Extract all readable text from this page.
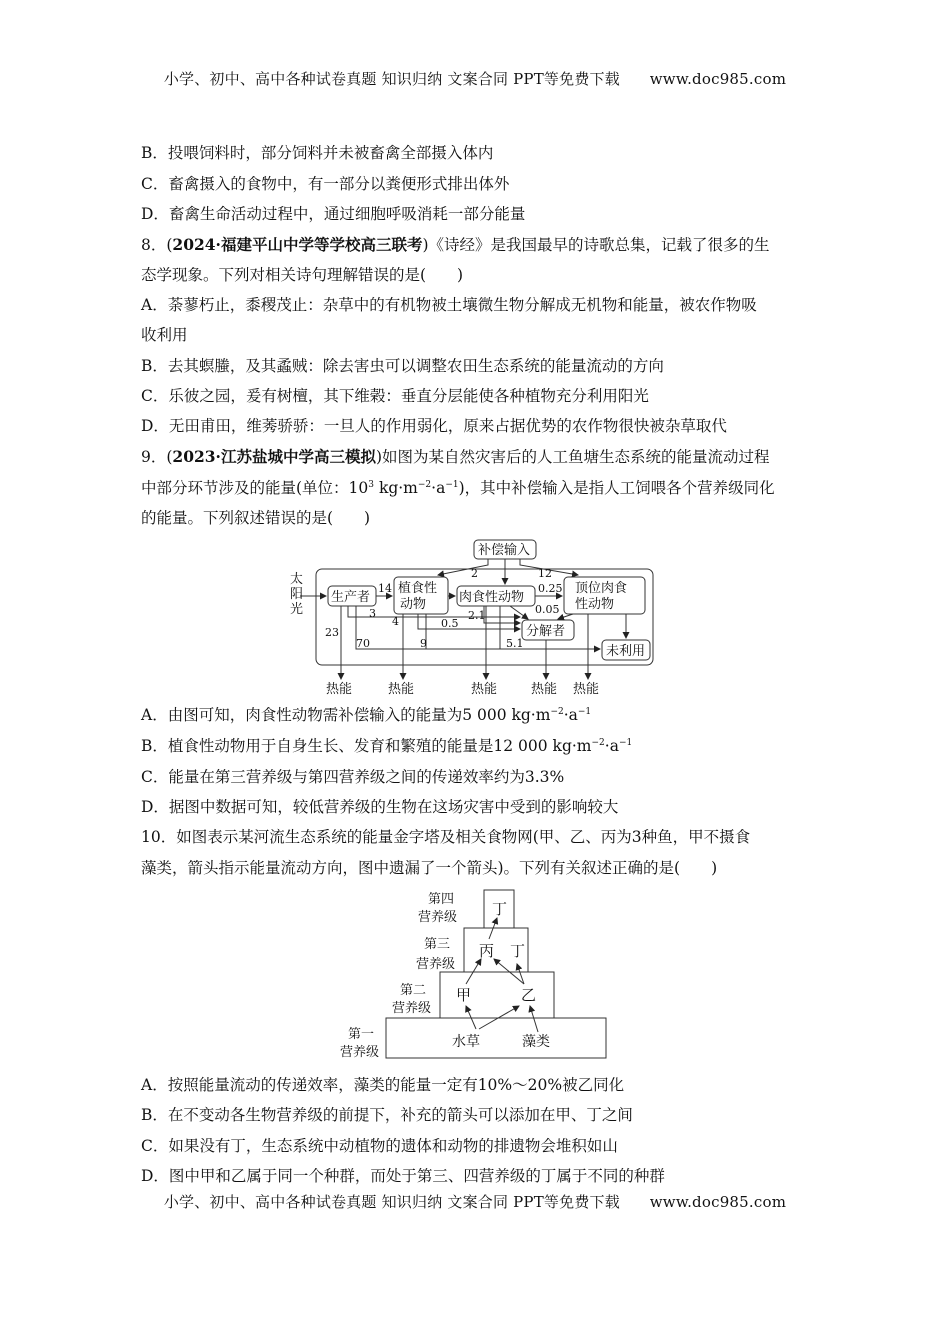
小学、初中、高中各种试卷真题 知识归纳 文案合同 PPT等免费下载 www.doc985.com
B．投喂饲料时，部分饲料并未被畜禽全部摄入体内
C．畜禽摄入的食物中，有一部分以粪便形式排出体外
D．畜禽生命活动过程中，通过细胞呼吸消耗一部分能量
8．(2024·福建平山中学等学校高三联考)《诗经》是我国最早的诗歌总集，记载了很多的生
态学现象。下列对相关诗句理解错误的是(　　)
A．荼蓼朽止，黍稷茂止：杂草中的有机物被土壤微生物分解成无机物和能量，被农作物吸
收利用
B．去其螟螣，及其蟊贼：除去害虫可以调整农田生态系统的能量流动的方向
C．乐彼之园，爰有树檀，其下维榖：垂直分层能使各种植物充分利用阳光
D．无田甫田，维莠骄骄：一旦人的作用弱化，原来占据优势的农作物很快被杂草取代
9．(2023·江苏盐城中学高三模拟)如图为某自然灾害后的人工鱼塘生态系统的能量流动过程
中部分环节涉及的能量(单位：$10^3$ $kg\cdot m^{-2}\cdot a^{-1}$)，其中补偿输入是指人工饲喂各个营养级同化
的能量。下列叙述错误的是(　　)
太
阳
光
补偿输入
生产者
植食性
动物	肉食性动物
顶位肉食
性动物
分解者
未利用
14
2	12
0.25
0.05
2.1
3
4	0.5
23
70	9	5.1
热能	热能	热能	热能 热能
A．由图可知，肉食性动物需补偿输入的能量为5 000 $kg\cdot m^{-2}\cdot a^{-1}$
B．植食性动物用于自身生长、发育和繁殖的能量是12 000 $kg\cdot m^{-2}\cdot a^{-1}$
C．能量在第三营养级与第四营养级之间的传递效率约为3.3%
D．据图中数据可知，较低营养级的生物在这场灾害中受到的影响较大
10．如图表示某河流生态系统的能量金字塔及相关食物网(甲、乙、丙为3种鱼，甲不摄食
藻类，箭头指示能量流动方向，图中遗漏了一个箭头)。下列有关叙述正确的是(　　)
第四
营养级
第三
营养级
第二
营养级
第一
营养级
丁
丙 丁
甲	乙
水草	藻类
A．按照能量流动的传递效率，藻类的能量一定有10%～20%被乙同化
B．在不变动各生物营养级的前提下，补充的箭头可以添加在甲、丁之间
C．如果没有丁，生态系统中动植物的遗体和动物的排遗物会堆积如山
D．图中甲和乙属于同一个种群，而处于第三、四营养级的丁属于不同的种群
小学、初中、高中各种试卷真题 知识归纳 文案合同 PPT等免费下载 www.doc985.com
